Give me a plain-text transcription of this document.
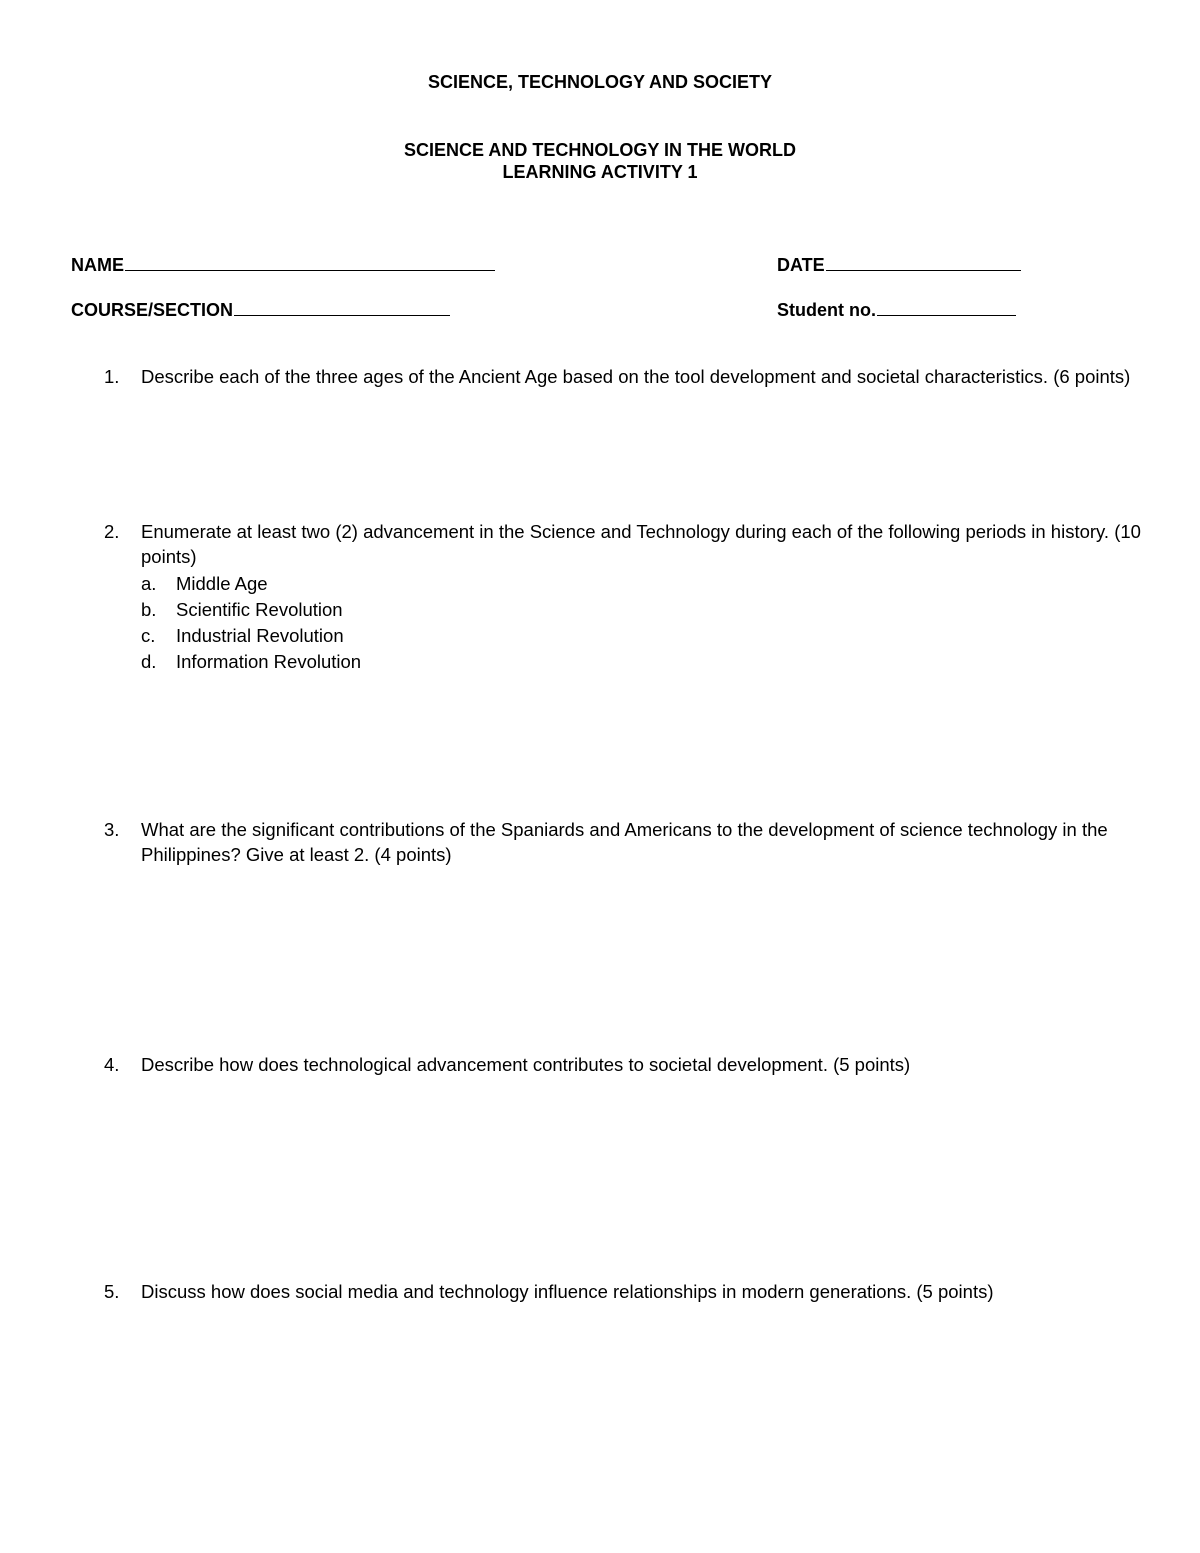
SCIENCE, TECHNOLOGY AND SOCIETY
SCIENCE AND TECHNOLOGY IN THE WORLD
LEARNING ACTIVITY 1
NAME	DATE
COURSE/SECTION	Student no.
1.	Describe each of the three ages of the Ancient Age based on the tool development and societal characteristics. (6 points)
2.	Enumerate at least two (2) advancement in the Science and Technology during each of the following periods in history. (10 points)
a. Middle Age
b. Scientific Revolution
c. Industrial Revolution
d. Information Revolution
3.	What are the significant contributions of the Spaniards and Americans to the development of science technology in the Philippines? Give at least 2. (4 points)
4.	Describe how does technological advancement contributes to societal development. (5 points)
5.	Discuss how does social media and technology influence relationships in modern generations. (5 points)
